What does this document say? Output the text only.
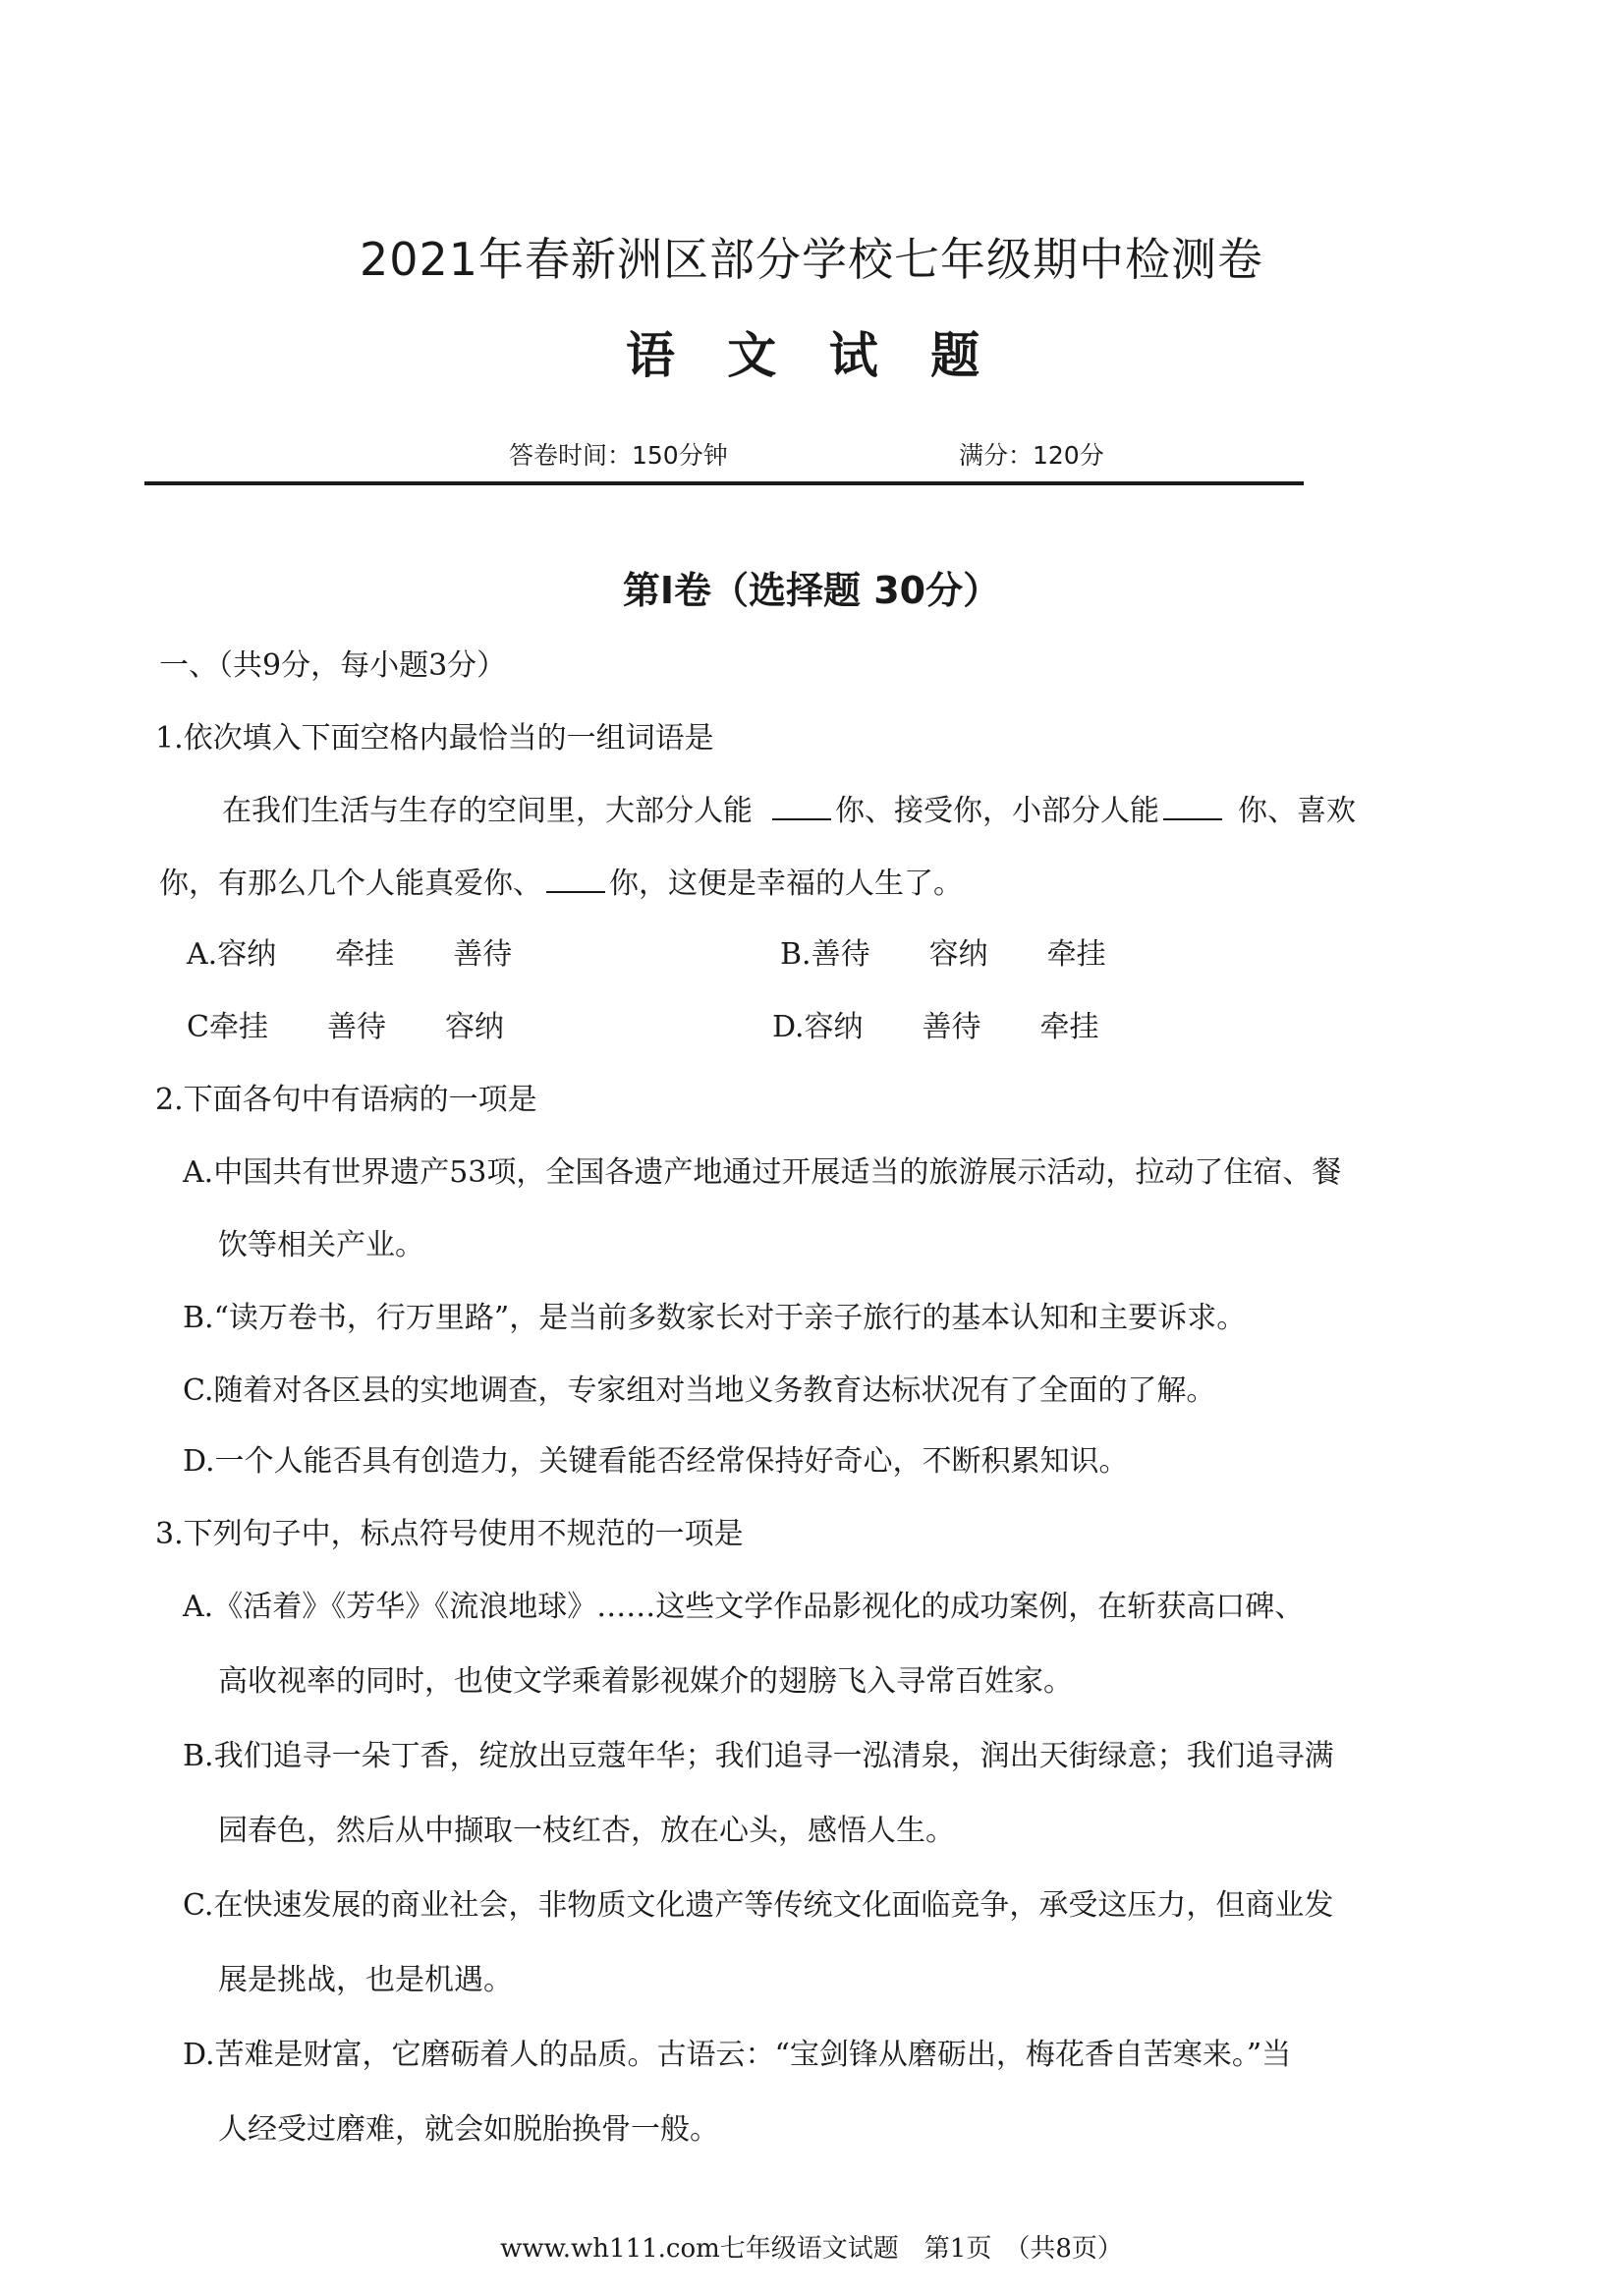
2021年春新洲区部分学校七年级期中检测卷
语 文 试 题
答卷时间：150分钟	满分：120分
第Ⅰ卷（选择题 30分）
一、（共9分，每小题3分）
1.依次填入下面空格内最恰当的一组词语是
在我们生活与生存的空间里，大部分人能	你、接受你，小部分人能	你、喜欢
你，有那么几个人能真爱你、 你，这便是幸福的人生了。
A.容纳　　牵挂　　善待	B.善待　　容纳　　牵挂
C牵挂　　善待　　容纳	D.容纳　　善待　　牵挂
2.下面各句中有语病的一项是
A.中国共有世界遗产53项，全国各遗产地通过开展适当的旅游展示活动，拉动了住宿、餐
饮等相关产业。
B.“读万卷书，行万里路”，是当前多数家长对于亲子旅行的基本认知和主要诉求。
C.随着对各区县的实地调查，专家组对当地义务教育达标状况有了全面的了解。
D.一个人能否具有创造力，关键看能否经常保持好奇心，不断积累知识。
3.下列句子中，标点符号使用不规范的一项是
A.《活着》《芳华》《流浪地球》……这些文学作品影视化的成功案例，在斩获高口碑、
高收视率的同时，也使文学乘着影视媒介的翅膀飞入寻常百姓家。
B.我们追寻一朵丁香，绽放出豆蔻年华；我们追寻一泓清泉，润出天街绿意；我们追寻满
园春色，然后从中撷取一枝红杏，放在心头，感悟人生。
C.在快速发展的商业社会，非物质文化遗产等传统文化面临竞争，承受这压力，但商业发
展是挑战，也是机遇。
D.苦难是财富，它磨砺着人的品质。古语云：“宝剑锋从磨砺出，梅花香自苦寒来。”当
人经受过磨难，就会如脱胎换骨一般。
www.wh111.com七年级语文试题　第1页　（共8页）
